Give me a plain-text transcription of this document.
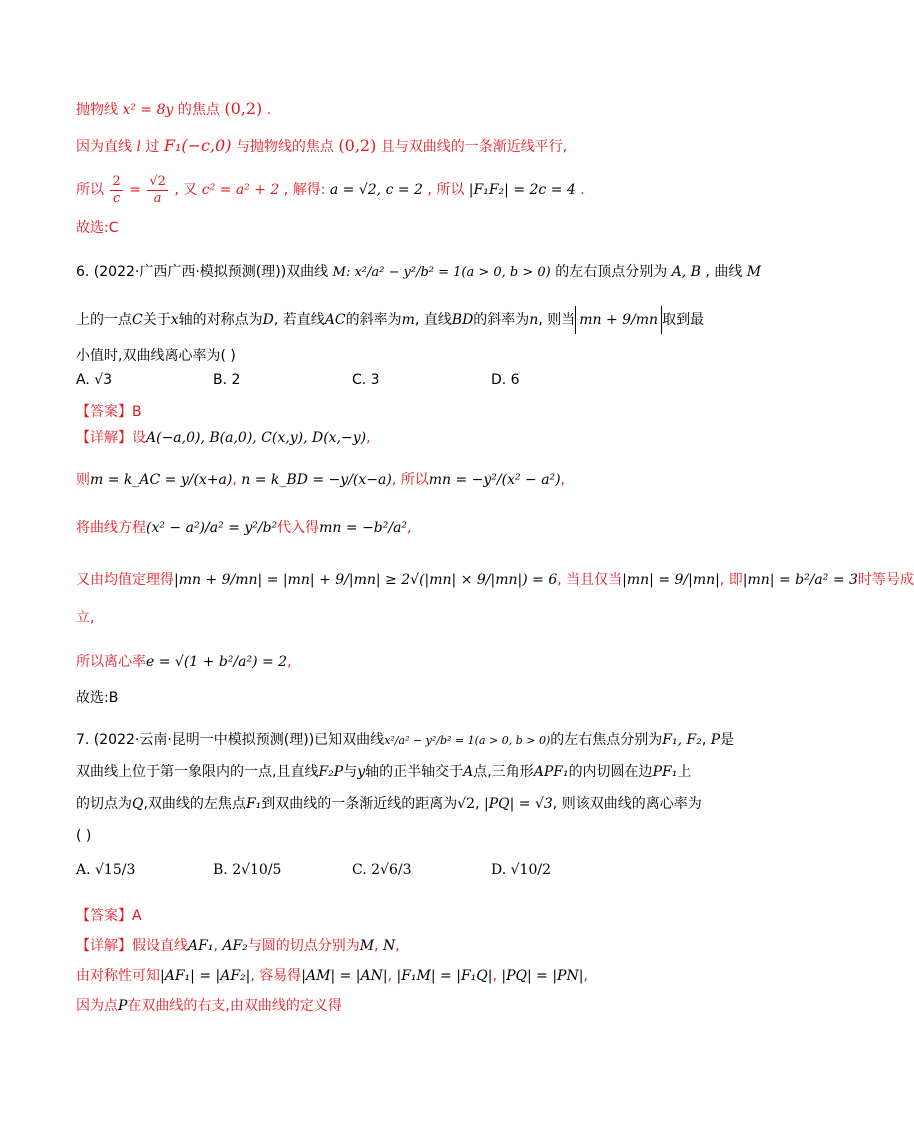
抛物线 x² = 8y 的焦点 (0,2) .
因为直线 l 过 F₁(−c,0) 与抛物线的焦点 (0,2) 且与双曲线的一条渐近线平行,
所以 $\frac{2}{c} = \frac{√2}{a}$ , 又 c² = a² + 2 , 解得: a = √2, c = 2 , 所以 |F₁F₂| = 2c = 4 .
故选:C
6. (2022·广西广西·模拟预测(理))双曲线 M: x²/a² − y²/b² = 1(a > 0, b > 0) 的左右顶点分别为 A, B , 曲线 M
上的一点C关于x轴的对称点为D, 若直线AC的斜率为m, 直线BD的斜率为n, 则当 mn + 9/mn 取到最
小值时,双曲线离心率为( )
A. √3	B. 2	C. 3	D. 6
【答案】B
【详解】设A(−a,0), B(a,0), C(x,y), D(x,−y),
则m = k_AC = y/(x+a), n = k_BD = −y/(x−a), 所以mn = −y²/(x² − a²),
将曲线方程(x² − a²)/a² = y²/b²代入得mn = −b²/a²,
又由均值定理得|mn + 9/mn| = |mn| + 9/|mn| ≥ 2√(|mn| × 9/|mn|) = 6, 当且仅当|mn| = 9/|mn|, 即|mn| = b²/a² = 3时等号成
立,
所以离心率e = √(1 + b²/a²) = 2,
故选:B
7. (2022·云南·昆明一中模拟预测(理))已知双曲线x²/a² − y²/b² = 1(a > 0, b > 0)的左右焦点分别为F₁, F₂, P是
双曲线上位于第一象限内的一点,且直线F₂P与y轴的正半轴交于A点,三角形APF₁的内切圆在边PF₁上
的切点为Q,双曲线的左焦点F₁到双曲线的一条渐近线的距离为√2, |PQ| = √3, 则该双曲线的离心率为
( )
A. √15/3	B. 2√10/5	C. 2√6/3	D. √10/2
【答案】A
【详解】假设直线AF₁, AF₂与圆的切点分别为M, N,
由对称性可知|AF₁| = |AF₂|, 容易得|AM| = |AN|, |F₁M| = |F₁Q|, |PQ| = |PN|,
因为点P在双曲线的右支,由双曲线的定义得
